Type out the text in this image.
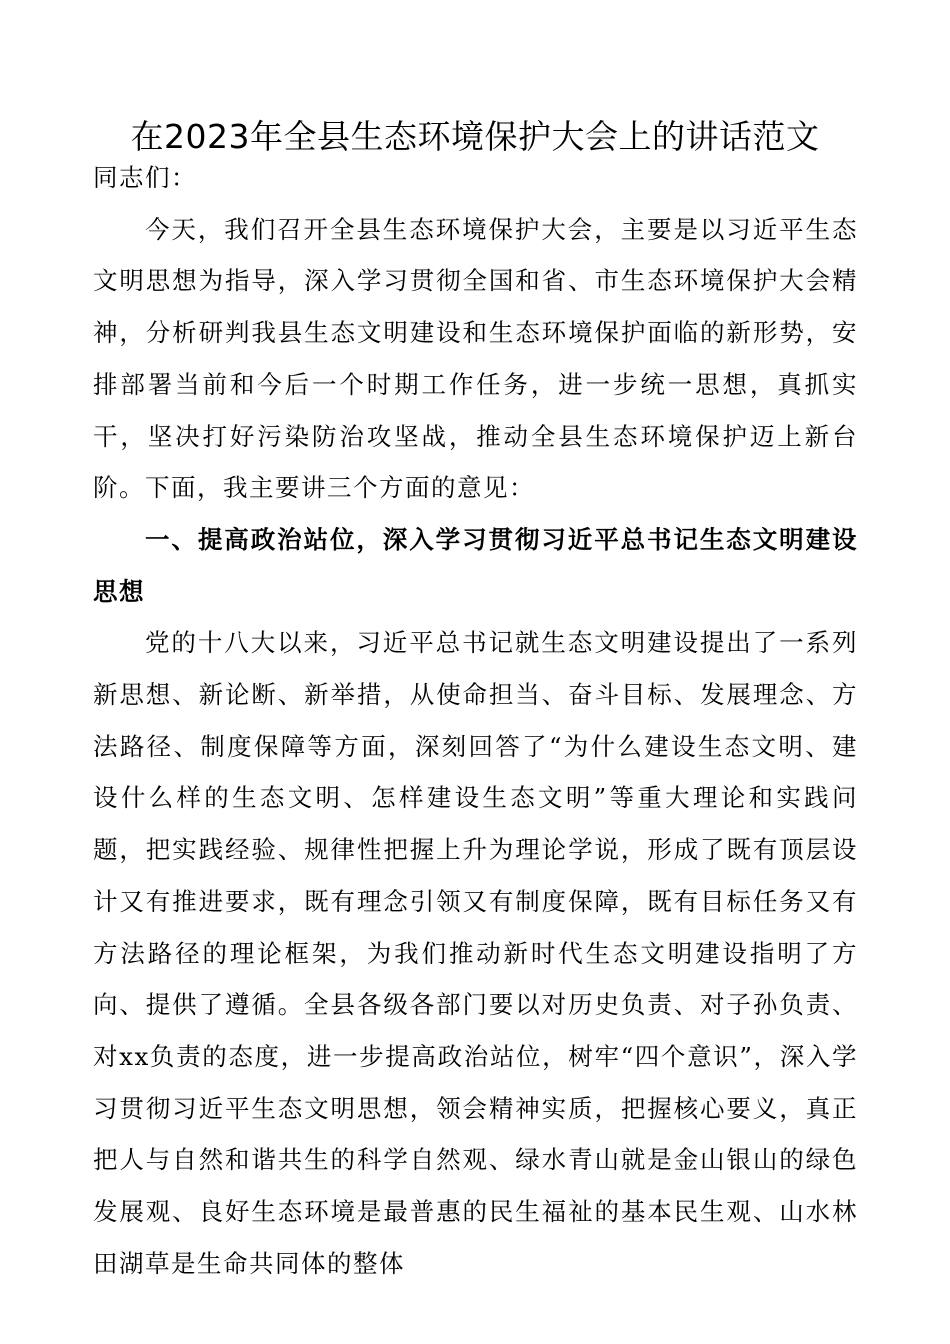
在2023年全县生态环境保护大会上的讲话范文

同志们：

今天，我们召开全县生态环境保护大会，主要是以习近平生态文明思想为指导，深入学习贯彻全国和省、市生态环境保护大会精神，分析研判我县生态文明建设和生态环境保护面临的新形势，安排部署当前和今后一个时期工作任务，进一步统一思想，真抓实干，坚决打好污染防治攻坚战，推动全县生态环境保护迈上新台阶。下面，我主要讲三个方面的意见：

一、提高政治站位，深入学习贯彻习近平总书记生态文明建设思想

党的十八大以来，习近平总书记就生态文明建设提出了一系列新思想、新论断、新举措，从使命担当、奋斗目标、发展理念、方法路径、制度保障等方面，深刻回答了“为什么建设生态文明、建设什么样的生态文明、怎样建设生态文明”等重大理论和实践问题，把实践经验、规律性把握上升为理论学说，形成了既有顶层设计又有推进要求，既有理念引领又有制度保障，既有目标任务又有方法路径的理论框架，为我们推动新时代生态文明建设指明了方向、提供了遵循。全县各级各部门要以对历史负责、对子孙负责、对xx负责的态度，进一步提高政治站位，树牢“四个意识”，深入学习贯彻习近平生态文明思想，领会精神实质，把握核心要义，真正把人与自然和谐共生的科学自然观、绿水青山就是金山银山的绿色发展观、良好生态环境是最普惠的民生福祉的基本民生观、山水林田湖草是生命共同体的整体
